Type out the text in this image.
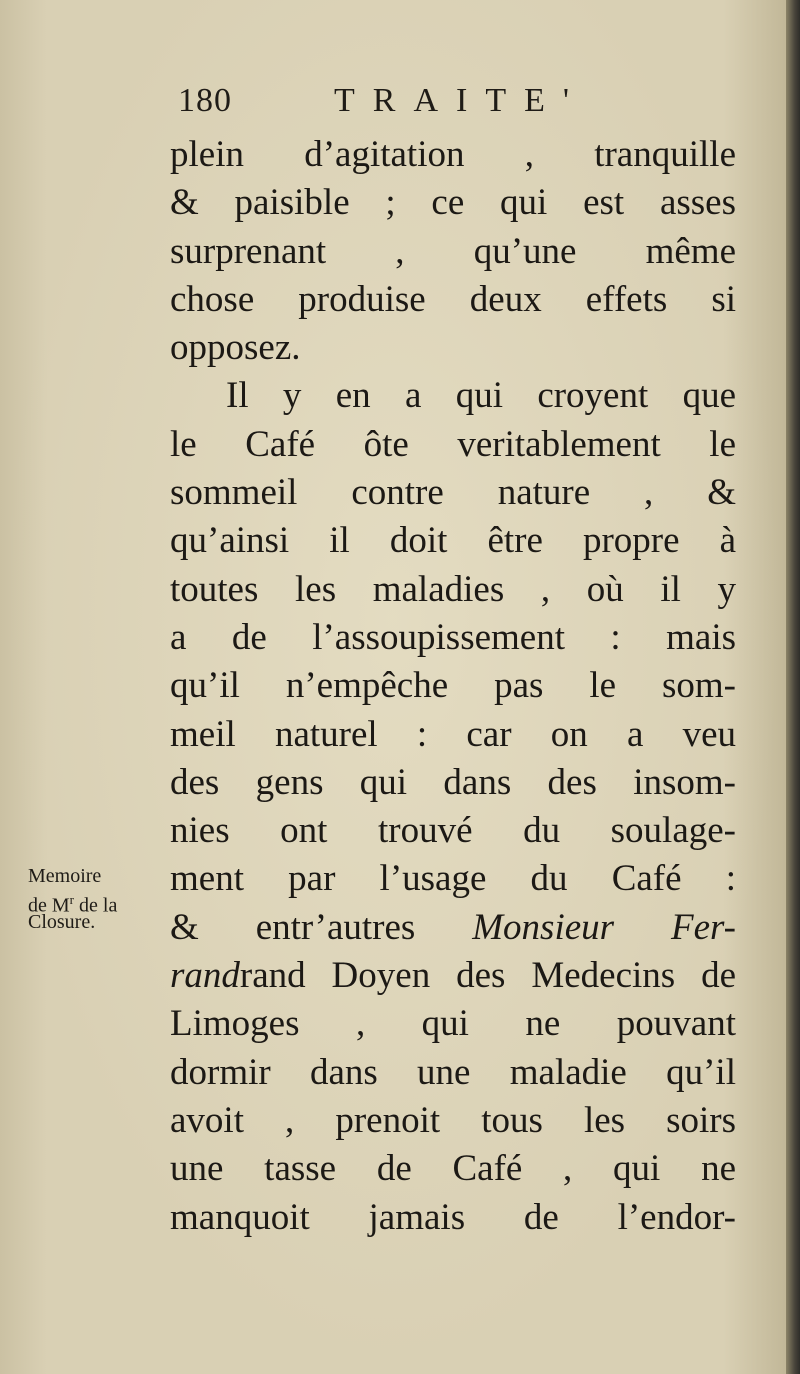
180	TRAITE'
plein d’agitation , tranquille
& paisible ; ce qui est asses
surprenant , qu’une même
chose produise deux effets si
opposez.
Il y en a qui croyent que
le Café ôte veritablement le
sommeil contre nature , &
qu’ainsi il doit être propre à
toutes les maladies , où il y
a de l’assoupissement : mais
qu’il n’empêche pas le som-
meil naturel : car on a veu
des gens qui dans des insom-
nies ont trouvé du soulage-
ment par l’usage du Café :
& entr’autres Monsieur Fer-
randrand Doyen des Medecins de
Limoges , qui ne pouvant
dormir dans une maladie qu’il
avoit , prenoit tous les soirs
une tasse de Café , qui ne
manquoit jamais de l’endor-
Memoire
de $M^r$ de la
Closure.
